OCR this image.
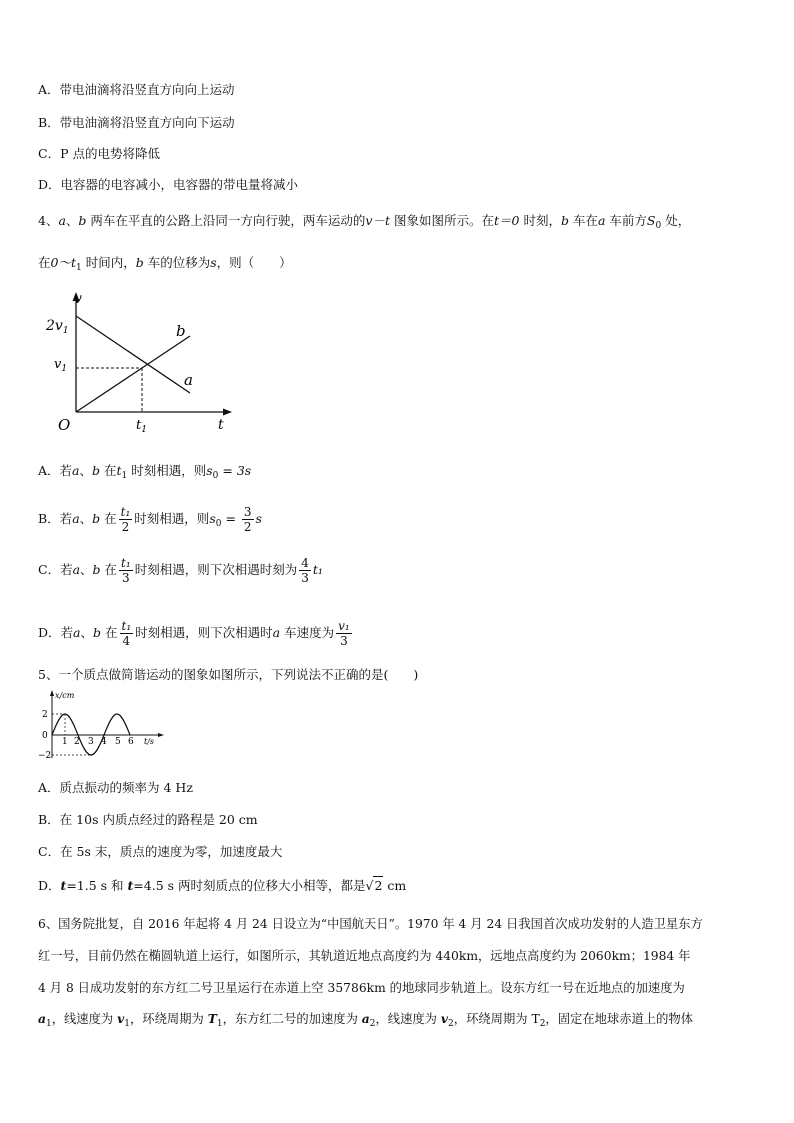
A．带电油滴将沿竖直方向向上运动
B．带电油滴将沿竖直方向向下运动
C．P 点的电势将降低
D．电容器的电容减小，电容器的带电量将减小
4、a、b 两车在平直的公路上沿同一方向行驶，两车运动的v－t 图象如图所示。在t＝0 时刻，b 车在a 车前方$S_0$ 处，
在$0\sim t_1$ 时间内，b 车的位移为s，则（　　）
v
t
O
$2v_1$
$v_1$
$t_1$
b
a
A．若a、b 在$t_1$ 时刻相遇，则$s_0 = 3s$
B．若a、b 在 $\frac{\text{t₁}}{2}$ 时刻相遇，则$s_0 = \frac{3}{2}$ s
C．若a、b 在 $\frac{\text{t₁}}{3}$ 时刻相遇，则下次相遇时刻为 $\frac{4}{3} t_1$
D．若a、b 在 $\frac{\text{t₁}}{4}$ 时刻相遇，则下次相遇时a 车速度为 $\frac{\text{v₁}}{3}$
5、一个质点做简谐运动的图象如图所示，下列说法不正确的是(　　)
x/cm
t/s
2
0
−2
1 2 3 4 5 6
A．质点振动的频率为 4 Hz
B．在 10s 内质点经过的路程是 20 cm
C．在 5s 末，质点的速度为零，加速度最大
D．t=1.5 s 和 t=4.5 s 两时刻质点的位移大小相等，都是 √ 2 cm
6、国务院批复，自 2016 年起将 4 月 24 日设立为“中国航天日”。1970 年 4 月 24 日我国首次成功发射的人造卫星东方
红一号，目前仍然在椭圆轨道上运行，如图所示，其轨道近地点高度约为 440km，远地点高度约为 2060km；1984 年
4 月 8 日成功发射的东方红二号卫星运行在赤道上空 35786km 的地球同步轨道上。设东方红一号在近地点的加速度为
$a_1$，线速度为 $v_1$，环绕周期为 $T_1$，东方红二号的加速度为 $a_2$，线速度为 $v_2$，环绕周期为 $T_2$，固定在地球赤道上的物体
